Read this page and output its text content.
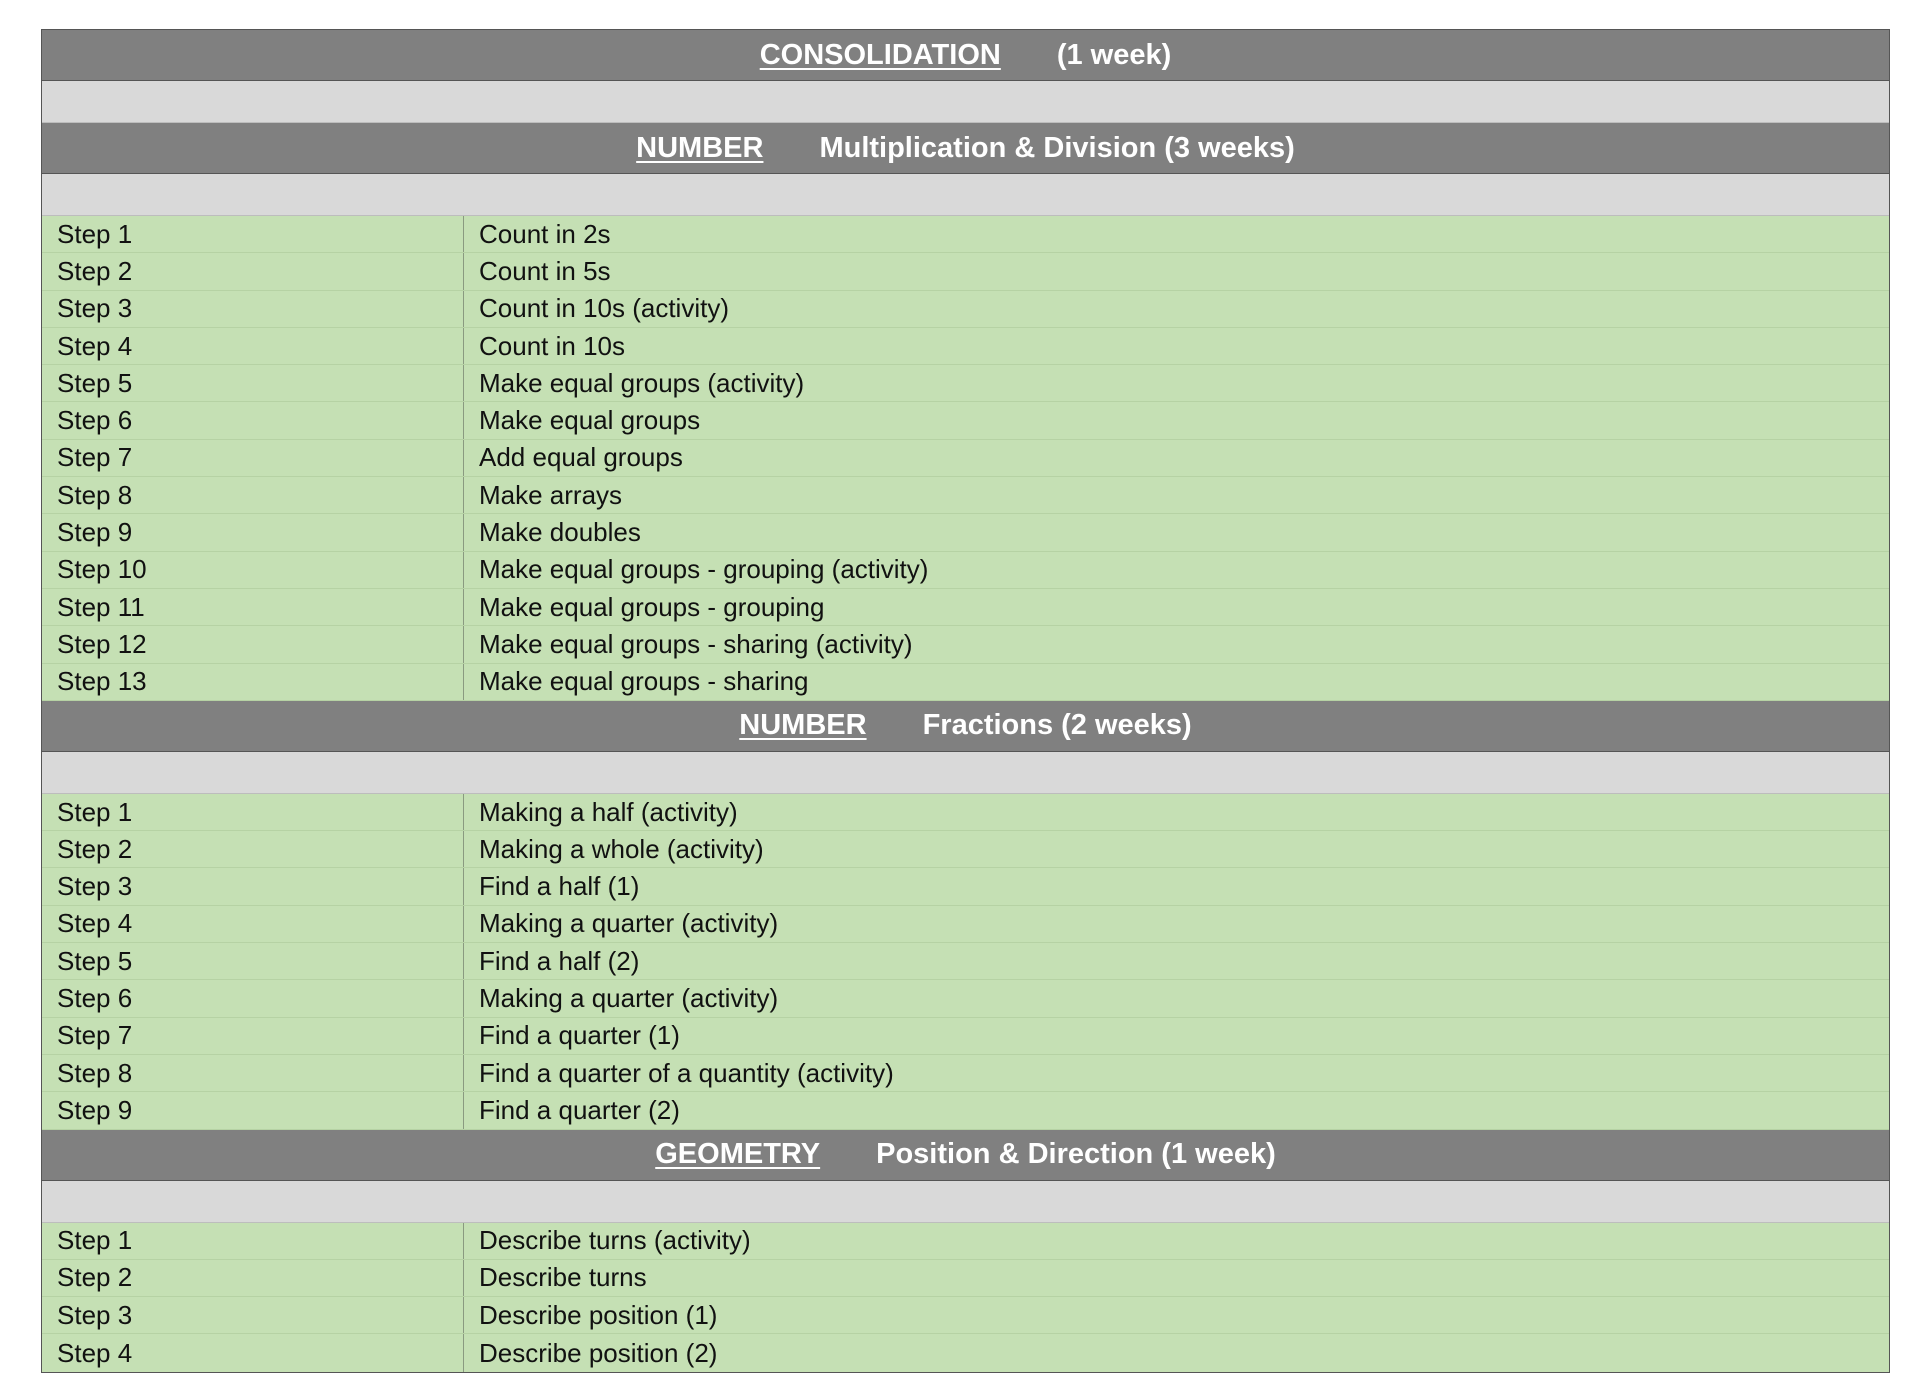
CONSOLIDATION (1 week)
NUMBER Multiplication & Division (3 weeks)
Step 1	Count in 2s
Step 2	Count in 5s
Step 3	Count in 10s (activity)
Step 4	Count in 10s
Step 5	Make equal groups (activity)
Step 6	Make equal groups
Step 7	Add equal groups
Step 8	Make arrays
Step 9	Make doubles
Step 10	Make equal groups - grouping (activity)
Step 11	Make equal groups - grouping
Step 12	Make equal groups - sharing (activity)
Step 13	Make equal groups - sharing
NUMBER Fractions (2 weeks)
Step 1	Making a half (activity)
Step 2	Making a whole (activity)
Step 3	Find a half (1)
Step 4	Making a quarter (activity)
Step 5	Find a half (2)
Step 6	Making a quarter (activity)
Step 7	Find a quarter (1)
Step 8	Find a quarter of a quantity (activity)
Step 9	Find a quarter (2)
GEOMETRY Position & Direction (1 week)
Step 1	Describe turns (activity)
Step 2	Describe turns
Step 3	Describe position (1)
Step 4	Describe position (2)
